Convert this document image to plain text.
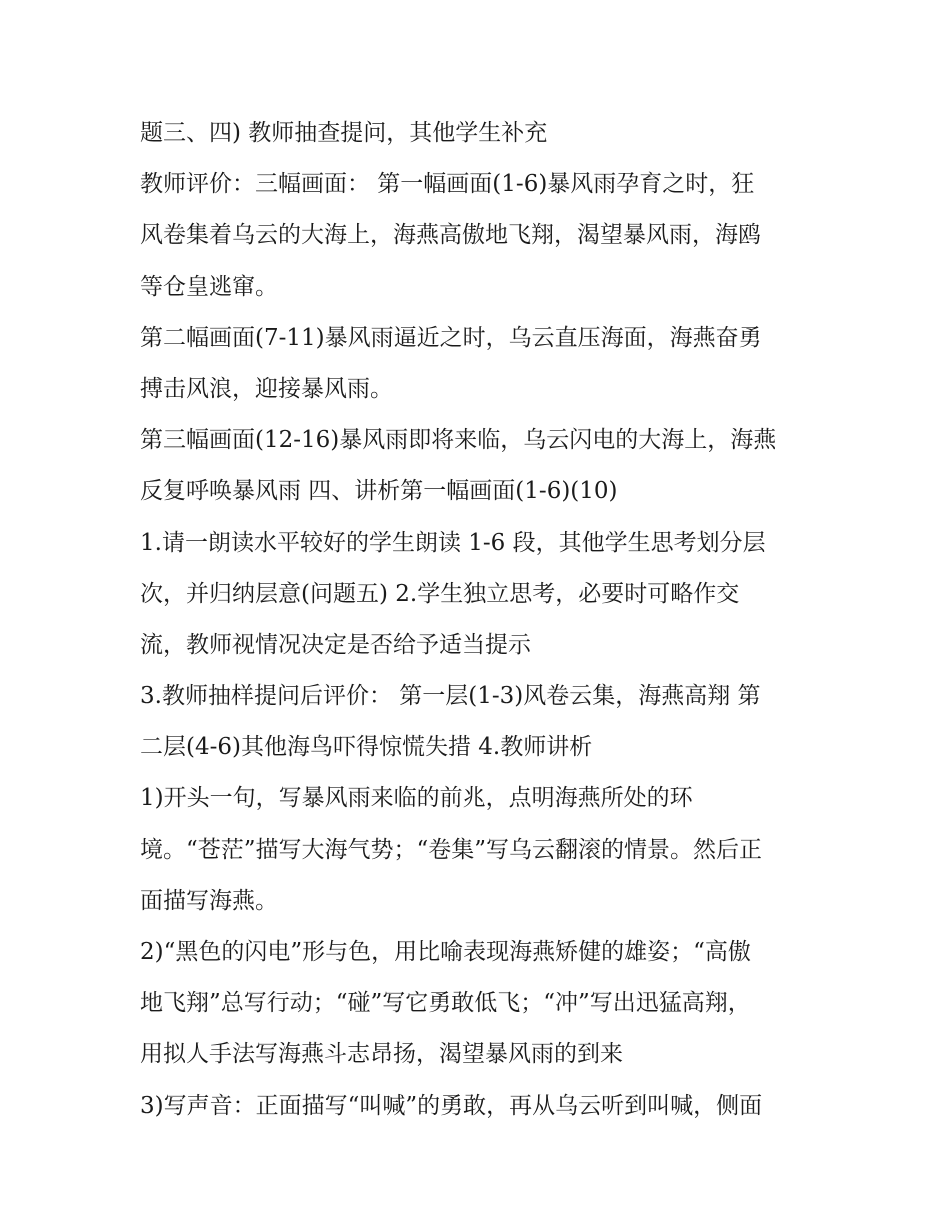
题三、四) 教师抽查提问，其他学生补充
教师评价：三幅画面： 第一幅画面(1-6)暴风雨孕育之时，狂
风卷集着乌云的大海上，海燕高傲地飞翔，渴望暴风雨，海鸥
等仓皇逃窜。
第二幅画面(7-11)暴风雨逼近之时，乌云直压海面，海燕奋勇
搏击风浪，迎接暴风雨。
第三幅画面(12-16)暴风雨即将来临，乌云闪电的大海上，海燕
反复呼唤暴风雨 四、讲析第一幅画面(1-6)(10)
1.请一朗读水平较好的学生朗读 1-6 段，其他学生思考划分层
次，并归纳层意(问题五) 2.学生独立思考，必要时可略作交
流，教师视情况决定是否给予适当提示
3.教师抽样提问后评价： 第一层(1-3)风卷云集，海燕高翔 第
二层(4-6)其他海鸟吓得惊慌失措 4.教师讲析
1)开头一句，写暴风雨来临的前兆，点明海燕所处的环
境。“苍茫”描写大海气势；“卷集”写乌云翻滚的情景。然后正
面描写海燕。
2)“黑色的闪电”形与色，用比喻表现海燕矫健的雄姿；“高傲
地飞翔”总写行动；“碰”写它勇敢低飞；“冲”写出迅猛高翔，
用拟人手法写海燕斗志昂扬，渴望暴风雨的到来
3)写声音：正面描写“叫喊”的勇敢，再从乌云听到叫喊，侧面
